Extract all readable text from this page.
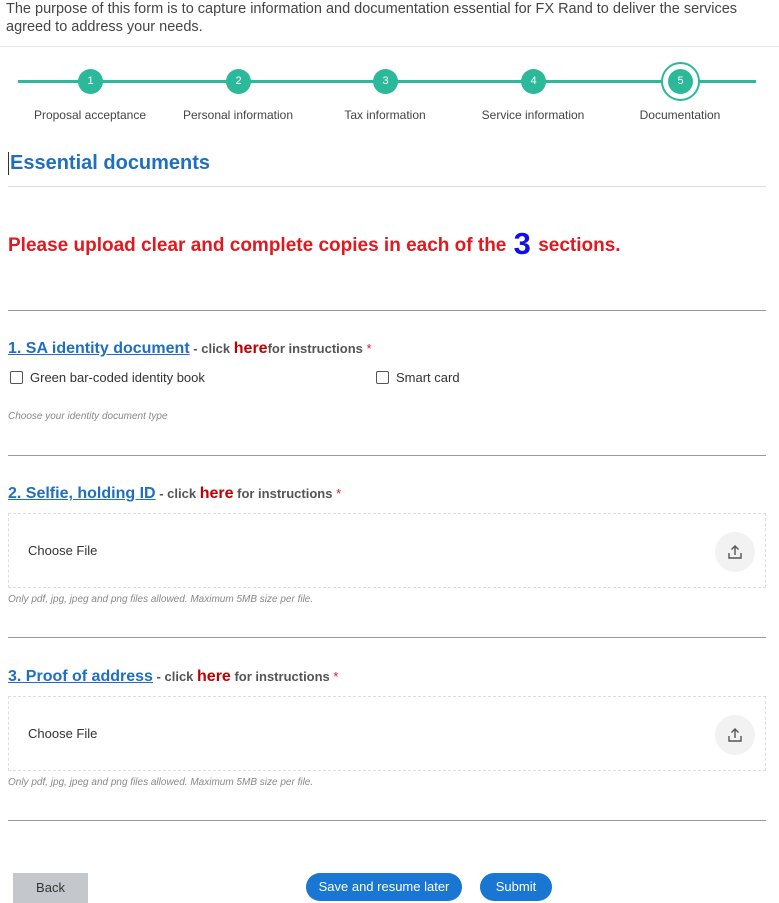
The purpose of this form is to capture information and documentation essential for FX Rand to deliver the services agreed to address your needs.
1
Proposal acceptance
2
Personal information
3
Tax information
4
Service information
5
Documentation
Essential documents
Please upload clear and complete copies in each of the 3 sections.
1. SA identity document - click herefor instructions *
Green bar-coded identity book	Smart card
Choose your identity document type
2. Selfie, holding ID - click here for instructions *
Choose File
Only pdf, jpg, jpeg and png files allowed. Maximum 5MB size per file.
3. Proof of address - click here for instructions *
Choose File
Only pdf, jpg, jpeg and png files allowed. Maximum 5MB size per file.
Back	Save and resume later	Submit
